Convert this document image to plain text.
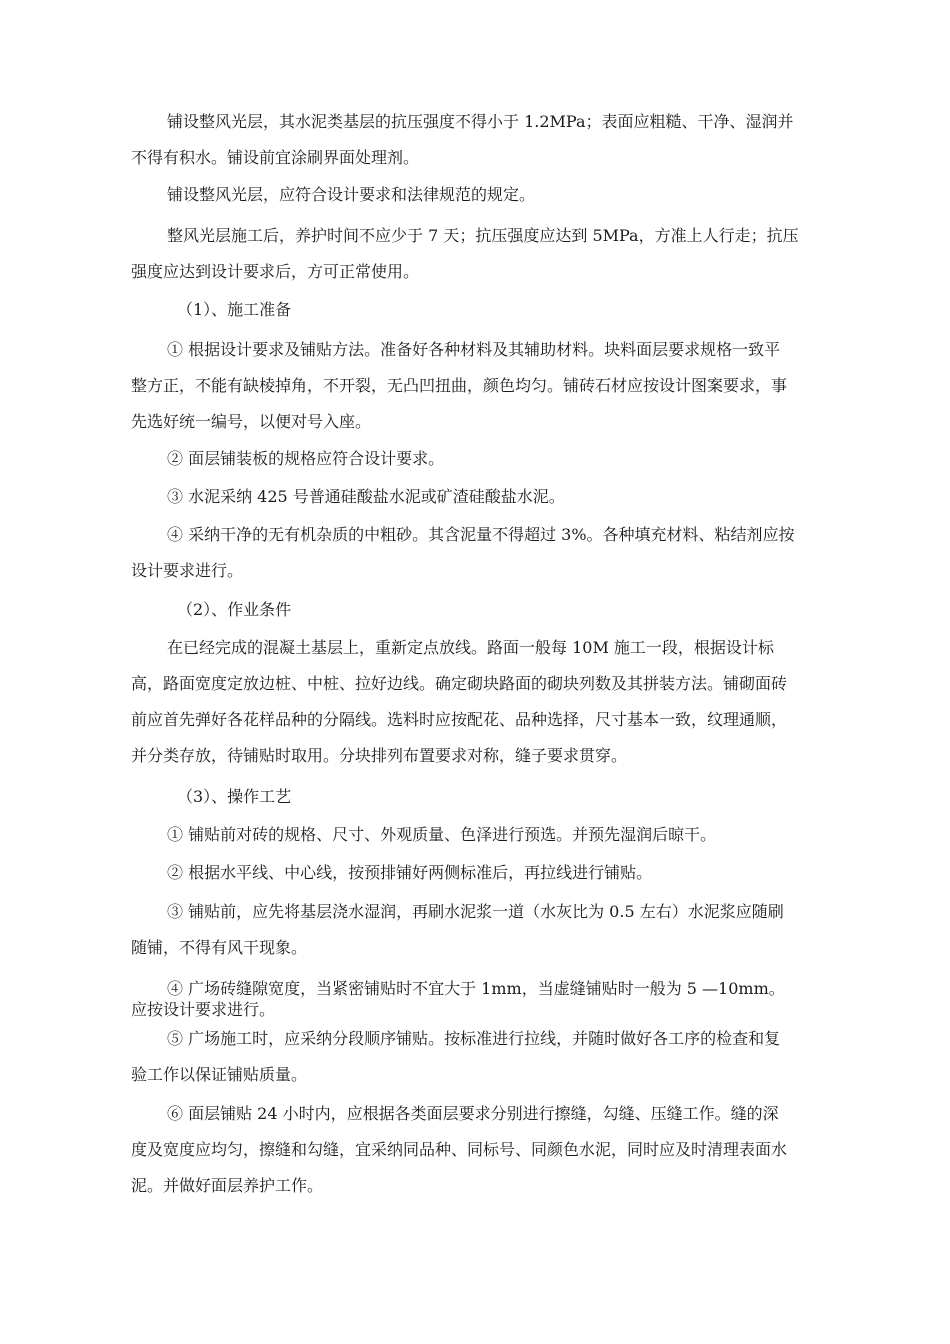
铺设整风光层，其水泥类基层的抗压强度不得小于 1.2MPa；表面应粗糙、干净、湿润并
不得有积水。铺设前宜涂刷界面处理剂。

铺设整风光层，应符合设计要求和法律规范的规定。

整风光层施工后，养护时间不应少于 7 天；抗压强度应达到 5MPa，方准上人行走；抗压
强度应达到设计要求后，方可正常使用。

（1）、施工准备

① 根据设计要求及铺贴方法。准备好各种材料及其辅助材料。块料面层要求规格一致平
整方正，不能有缺棱掉角，不开裂，无凸凹扭曲，颜色均匀。铺砖石材应按设计图案要求，事
先选好统一编号，以便对号入座。

② 面层铺装板的规格应符合设计要求。

③ 水泥采纳 425 号普通硅酸盐水泥或矿渣硅酸盐水泥。

④ 采纳干净的无有机杂质的中粗砂。其含泥量不得超过 3%。各种填充材料、粘结剂应按
设计要求进行。

（2）、作业条件

在已经完成的混凝土基层上，重新定点放线。路面一般每 10M 施工一段，根据设计标
高，路面宽度定放边桩、中桩、拉好边线。确定砌块路面的砌块列数及其拼装方法。铺砌面砖
前应首先弹好各花样品种的分隔线。选料时应按配花、品种选择，尺寸基本一致，纹理通顺，
并分类存放，待铺贴时取用。分块排列布置要求对称，缝子要求贯穿。

（3）、操作工艺

① 铺贴前对砖的规格、尺寸、外观质量、色泽进行预选。并预先湿润后晾干。

② 根据水平线、中心线，按预排铺好两侧标准后，再拉线进行铺贴。

③ 铺贴前，应先将基层浇水湿润，再刷水泥浆一道（水灰比为 0.5 左右）水泥浆应随刷
随铺，不得有风干现象。

④ 广场砖缝隙宽度，当紧密铺贴时不宜大于 1mm，当虚缝铺贴时一般为 5 —10mm。
应按设计要求进行。

⑤ 广场施工时，应采纳分段顺序铺贴。按标准进行拉线，并随时做好各工序的检查和复
验工作以保证铺贴质量。

⑥ 面层铺贴 24 小时内，应根据各类面层要求分别进行擦缝，勾缝、压缝工作。缝的深
度及宽度应均匀，擦缝和勾缝，宜采纳同品种、同标号、同颜色水泥，同时应及时清理表面水
泥。并做好面层养护工作。
